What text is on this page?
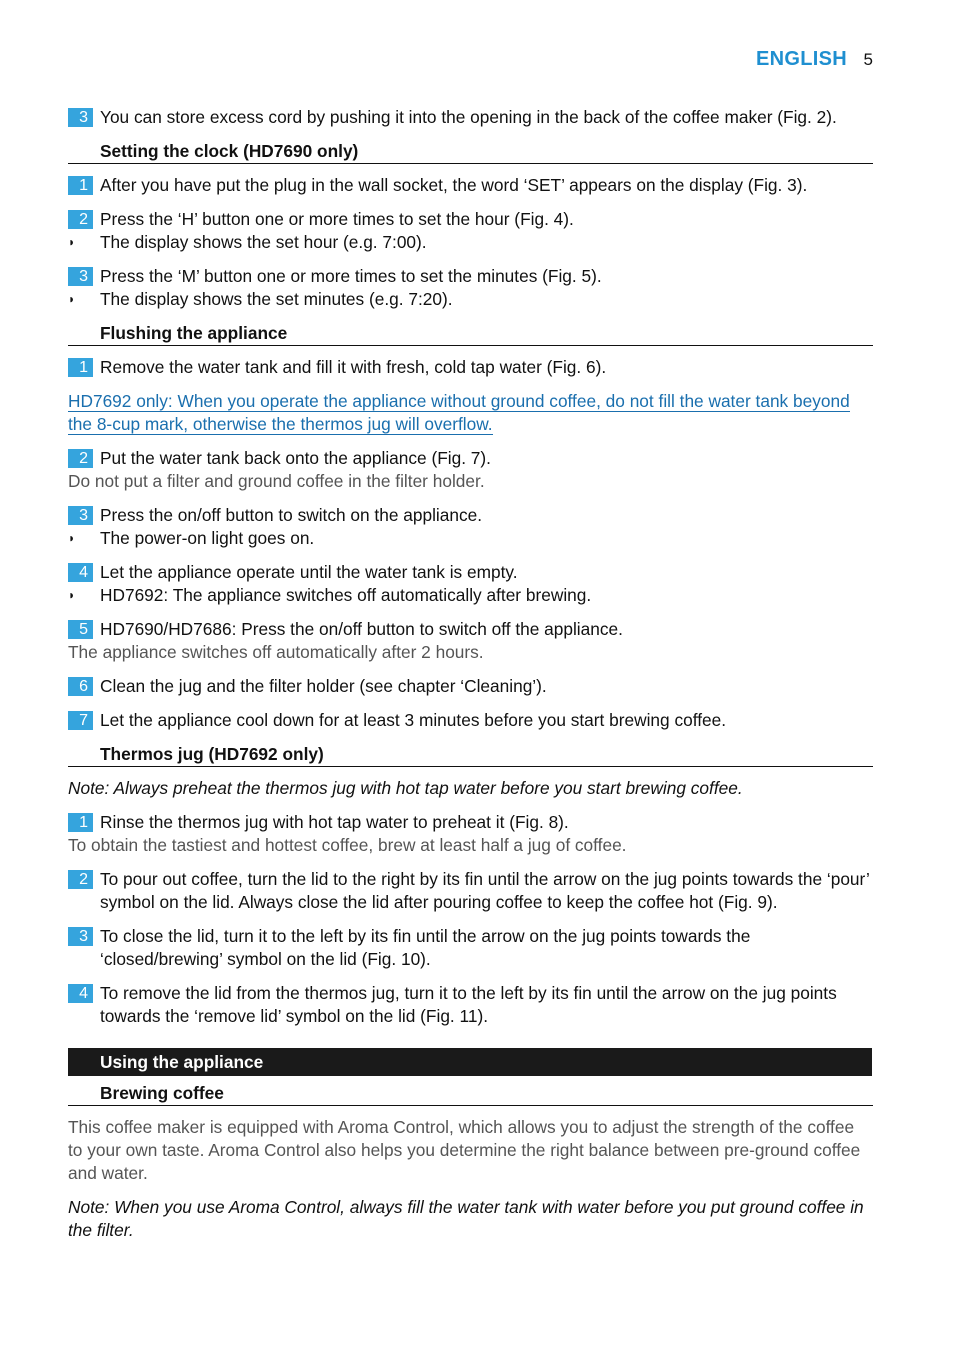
ENGLISH 5
3 You can store excess cord by pushing it into the opening in the back of the coffee maker (Fig. 2).
Setting the clock (HD7690 only)
1 After you have put the plug in the wall socket, the word ‘SET’ appears on the display (Fig. 3).
2 Press the ‘H’ button one or more times to set the hour (Fig. 4).
◗	The display shows the set hour (e.g. 7:00).
3 Press the ‘M’ button one or more times to set the minutes (Fig. 5).
◗	The display shows the set minutes (e.g. 7:20).
Flushing the appliance
1 Remove the water tank and fill it with fresh, cold tap water (Fig. 6).
HD7692 only: When you operate the appliance without ground coffee, do not fill the water tank beyond the 8-cup mark, otherwise the thermos jug will overflow.
2 Put the water tank back onto the appliance (Fig. 7).
Do not put a filter and ground coffee in the filter holder.
3 Press the on/off button to switch on the appliance.
◗	The power-on light goes on.
4 Let the appliance operate until the water tank is empty.
◗	HD7692: The appliance switches off automatically after brewing.
5 HD7690/HD7686: Press the on/off button to switch off the appliance.
The appliance switches off automatically after 2 hours.
6 Clean the jug and the filter holder (see chapter ‘Cleaning’).
7 Let the appliance cool down for at least 3 minutes before you start brewing coffee.
Thermos jug (HD7692 only)
Note: Always preheat the thermos jug with hot tap water before you start brewing coffee.
1 Rinse the thermos jug with hot tap water to preheat it (Fig. 8).
To obtain the tastiest and hottest coffee, brew at least half a jug of coffee.
2 To pour out coffee, turn the lid to the right by its fin until the arrow on the jug points towards the ‘pour’ symbol on the lid. Always close the lid after pouring coffee to keep the coffee hot (Fig. 9).
3 To close the lid, turn it to the left by its fin until the arrow on the jug points towards the ‘closed/brewing’ symbol on the lid (Fig. 10).
4 To remove the lid from the thermos jug, turn it to the left by its fin until the arrow on the jug points towards the ‘remove lid’ symbol on the lid (Fig. 11).
Using the appliance
Brewing coffee
This coffee maker is equipped with Aroma Control, which allows you to adjust the strength of the coffee to your own taste. Aroma Control also helps you determine the right balance between pre-ground coffee and water.
Note: When you use Aroma Control, always fill the water tank with water before you put ground coffee in the filter.
